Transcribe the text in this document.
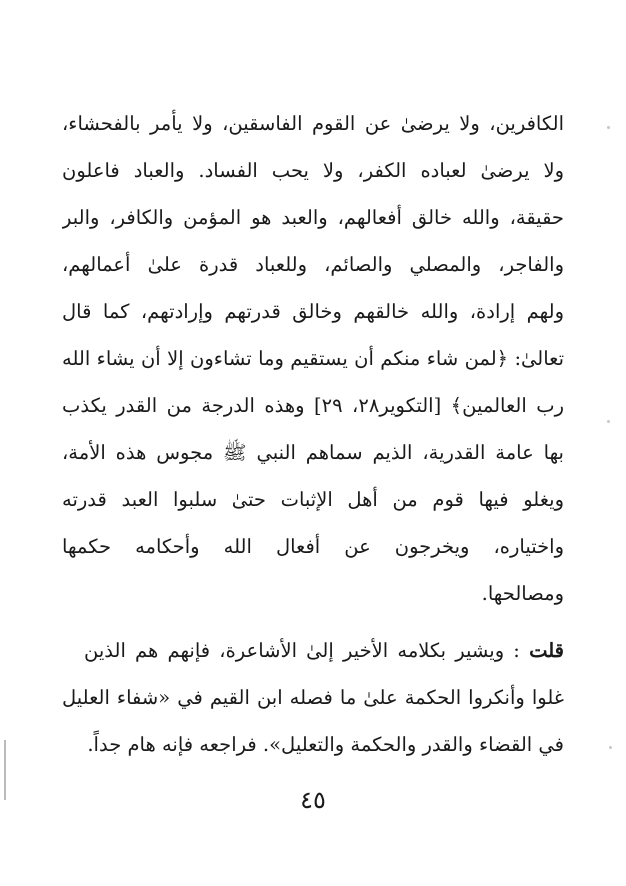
الكافرين، ولا يرضىٰ عن القوم الفاسقين، ولا يأمر بالفحشاء،
ولا يرضىٰ لعباده الكفر، ولا يحب الفساد. والعباد فاعلون
حقيقة، والله خالق أفعالهم، والعبد هو المؤمن والكافر، والبر
والفاجر، والمصلي والصائم، وللعباد قدرة علىٰ أعمالهم،
ولهم إرادة، والله خالقهم وخالق قدرتهم وإرادتهم، كما قال
تعالىٰ: ﴿لمن شاء منكم أن يستقيم وما تشاءون إلا أن يشاء الله
رب العالمين﴾ [التكوير٢٨، ٢٩] وهذه الدرجة من القدر يكذب
بها عامة القدرية، الذيم سماهم النبي ﷺ مجوس هذه الأمة،
ويغلو فيها قوم من أهل الإثبات حتىٰ سلبوا العبد قدرته
واختياره، ويخرجون عن أفعال الله وأحكامه حكمها
ومصالحها.
قلت : ويشير بكلامه الأخير إلىٰ الأشاعرة، فإنهم هم الذين
غلوا وأنكروا الحكمة علىٰ ما فصله ابن القيم في «شفاء العليل
في القضاء والقدر والحكمة والتعليل». فراجعه فإنه هام جداً.
٤٥
